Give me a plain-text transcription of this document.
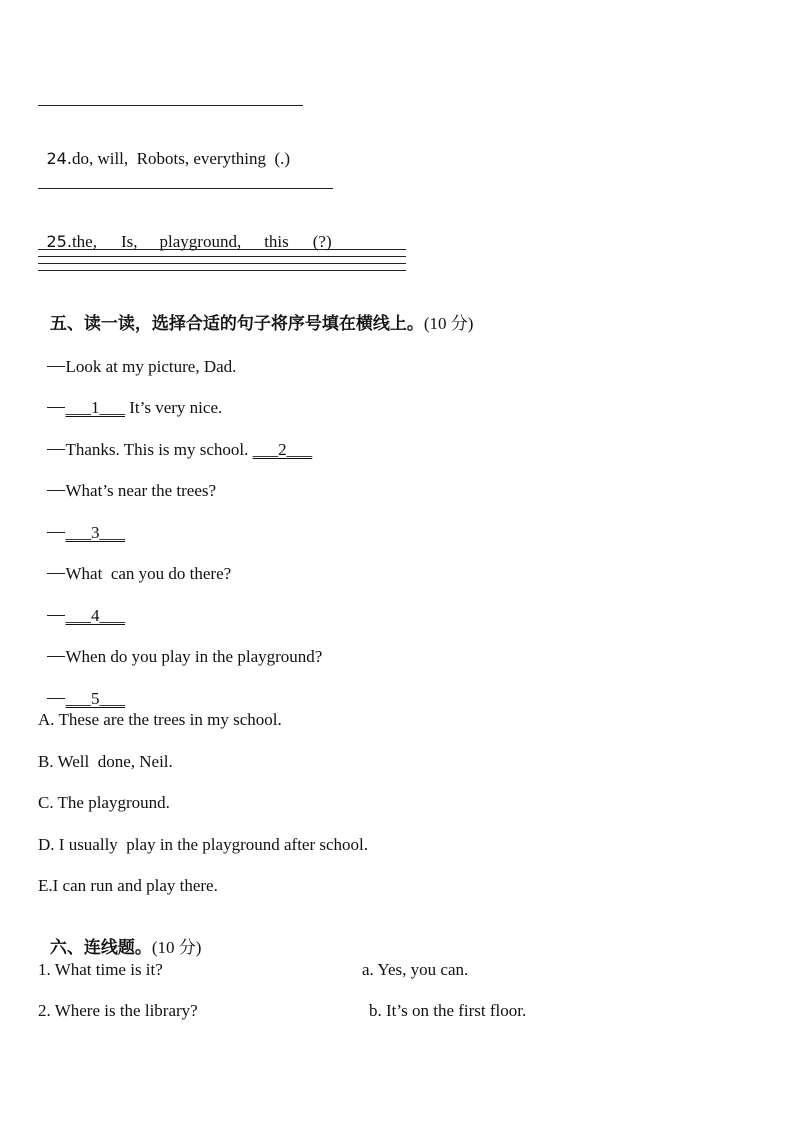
24.do, will,  Robots, everything  (.)

25.the, Is, playground, this (?)

五、读一读，选择合适的句子将序号填在横线上。(10 分)

Look at my picture, Dad.

___1___ It’s very nice.

Thanks. This is my school. ___2___

What’s near the trees?

___3___

What  can you do there?

___4___

When do you play in the playground?

___5___

A. These are the trees in my school.
B. Well  done, Neil.
C. The playground.
D. I usually  play in the playground after school.
E.I can run and play there.

六、连线题。(10 分)

1. What time is it?	a. Yes, you can.
2. Where is the library?	b. It’s on the first floor.
